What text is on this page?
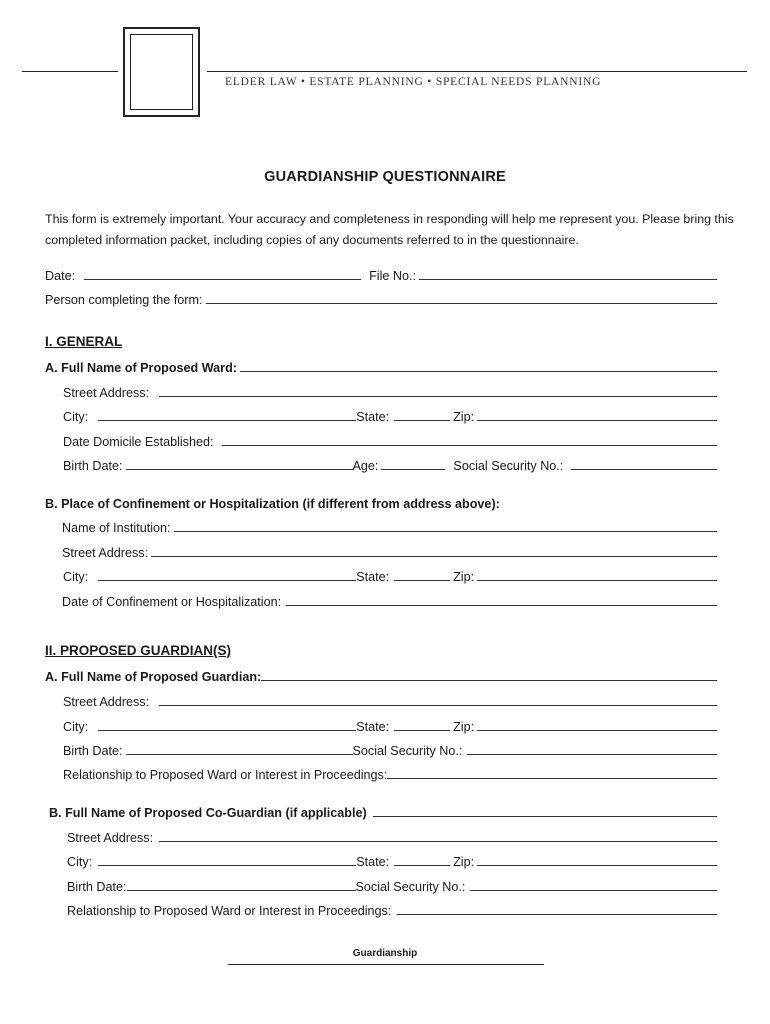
ELDER LAW • ESTATE PLANNING • SPECIAL NEEDS PLANNING
GUARDIANSHIP QUESTIONNAIRE
This form is extremely important. Your accuracy and completeness in responding will help me represent you. Please bring this completed information packet, including copies of any documents referred to in the questionnaire.
Date:	File No.:
Person completing the form:
I. GENERAL
A. Full Name of Proposed Ward:
Street Address:
City:	State:	Zip:
Date Domicile Established:
Birth Date:	Age:	Social Security No.:
B. Place of Confinement or Hospitalization (if different from address above):
Name of Institution:
Street Address:
City:	State:	Zip:
Date of Confinement or Hospitalization:
II. PROPOSED GUARDIAN(S)
A. Full Name of Proposed Guardian:
Street Address:
City:	State:	Zip:
Birth Date:	Social Security No.:
Relationship to Proposed Ward or Interest in Proceedings:
B. Full Name of Proposed Co-Guardian (if applicable)
Street Address:
City:	State:	Zip:
Birth Date:	Social Security No.:
Relationship to Proposed Ward or Interest in Proceedings:
Guardianship
